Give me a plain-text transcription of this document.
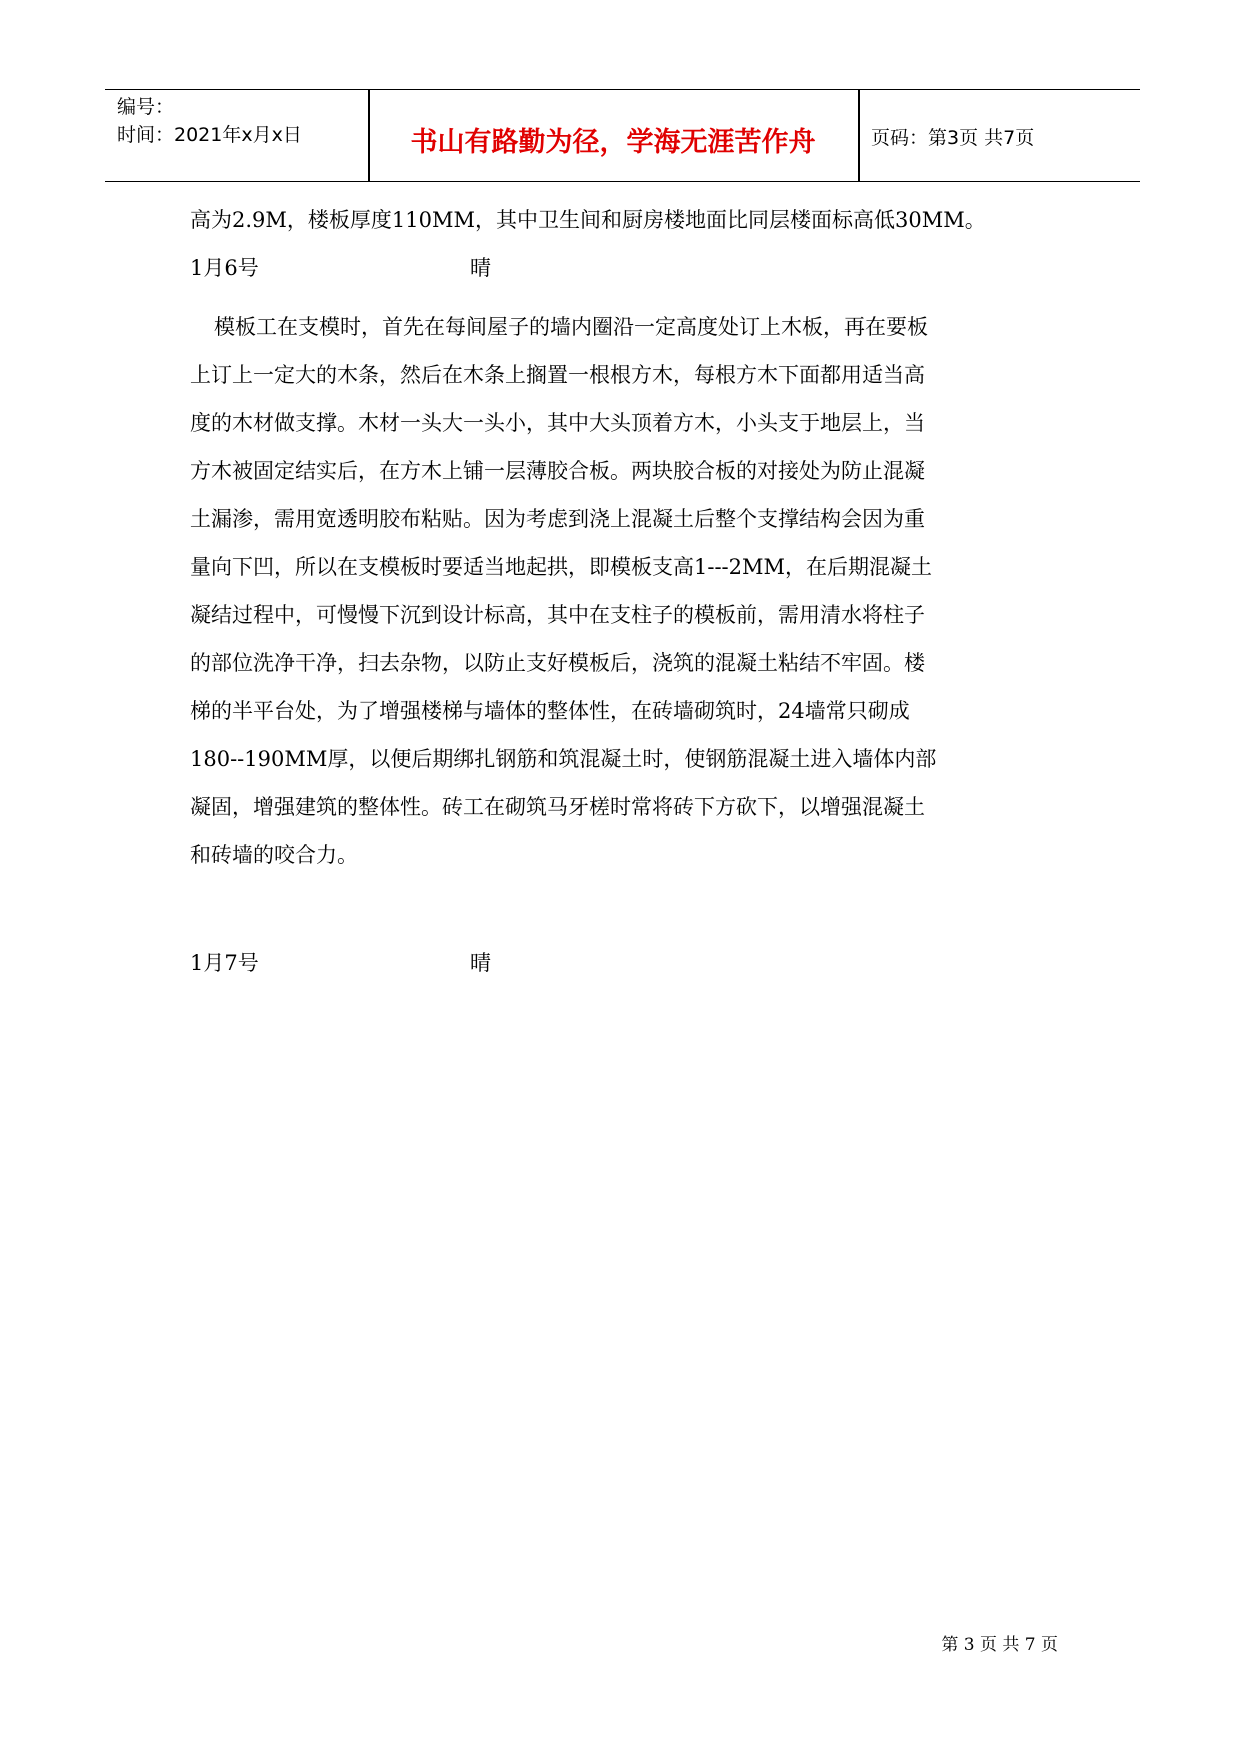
编号：
时间：2021年x月x日	书山有路勤为径，学海无涯苦作舟	页码：第3页 共7页
高为2.9M，楼板厚度110MM，其中卫生间和厨房楼地面比同层楼面标高低30MM。
1月6号	晴
模板工在支模时，首先在每间屋子的墙内圈沿一定高度处订上木板，再在要板
上订上一定大的木条，然后在木条上搁置一根根方木，每根方木下面都用适当高
度的木材做支撑。木材一头大一头小，其中大头顶着方木，小头支于地层上，当
方木被固定结实后，在方木上铺一层薄胶合板。两块胶合板的对接处为防止混凝
土漏渗，需用宽透明胶布粘贴。因为考虑到浇上混凝土后整个支撑结构会因为重
量向下凹，所以在支模板时要适当地起拱，即模板支高1---2MM，在后期混凝土
凝结过程中，可慢慢下沉到设计标高，其中在支柱子的模板前，需用清水将柱子
的部位洗净干净，扫去杂物，以防止支好模板后，浇筑的混凝土粘结不牢固。楼
梯的半平台处，为了增强楼梯与墙体的整体性，在砖墙砌筑时，24墙常只砌成
180--190MM厚，以便后期绑扎钢筋和筑混凝土时，使钢筋混凝土进入墙体内部
凝固，增强建筑的整体性。砖工在砌筑马牙槎时常将砖下方砍下，以增强混凝土
和砖墙的咬合力。
1月7号	晴
第 3 页 共 7 页
